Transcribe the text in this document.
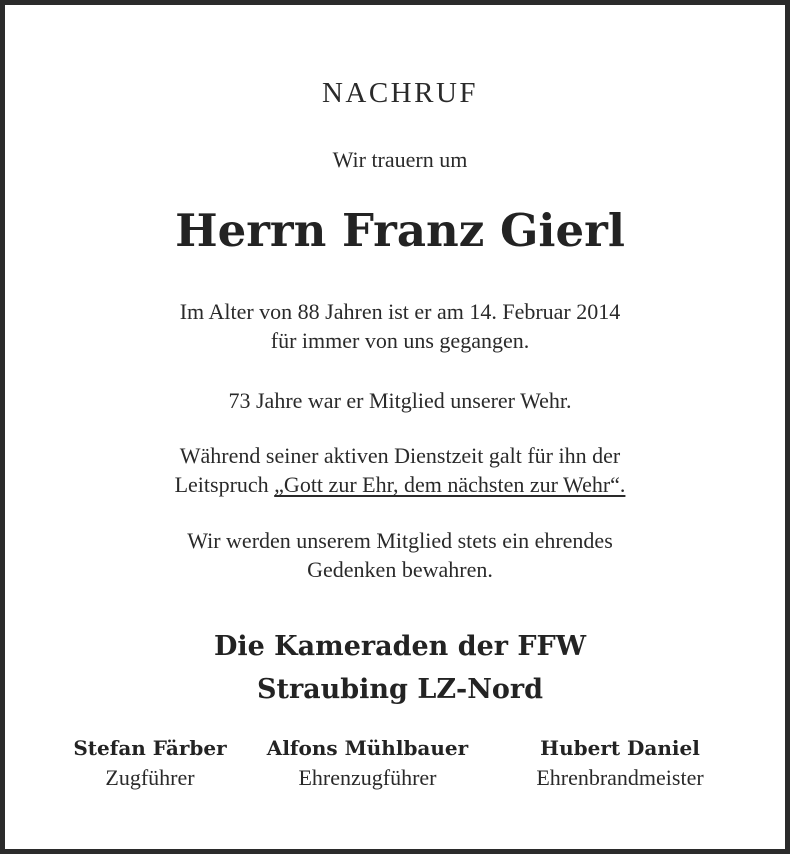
NACHRUF

Wir trauern um

Herrn Franz Gierl

Im Alter von 88 Jahren ist er am 14. Februar 2014
für immer von uns gegangen.
73 Jahre war er Mitglied unserer Wehr.
Während seiner aktiven Dienstzeit galt für ihn der
Leitspruch „Gott zur Ehr, dem nächsten zur Wehr“.
Wir werden unserem Mitglied stets ein ehrendes
Gedenken bewahren.
Die Kameraden der FFW
Straubing LZ-Nord
Stefan Färber
Zugführer
Alfons Mühlbauer
Ehrenzugführer
Hubert Daniel
Ehrenbrandmeister
